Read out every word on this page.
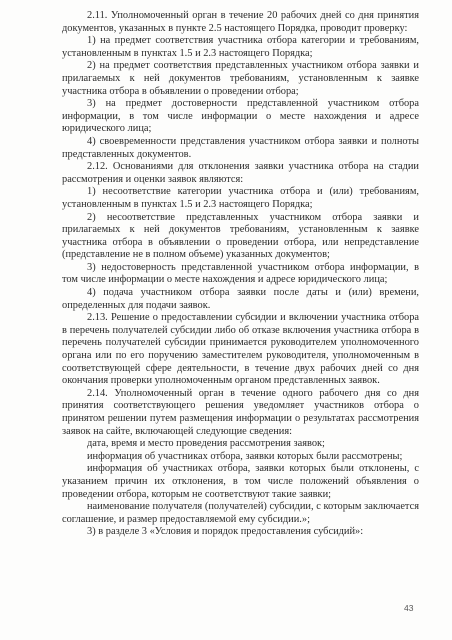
2.11. Уполномоченный орган в течение 20 рабочих дней со дня принятия документов, указанных в пункте 2.5 настоящего Порядка, проводит проверку:

1) на предмет соответствия участника отбора категории и требованиям, установленным в пунктах 1.5 и 2.3 настоящего Порядка;

2) на предмет соответствия представленных участником отбора заявки и прилагаемых к ней документов требованиям, установленным к заявке участника отбора в объявлении о проведении отбора;

3) на предмет достоверности представленной участником отбора информации, в том числе информации о месте нахождения и адресе юридического лица;

4) своевременности представления участником отбора заявки и полноты представленных документов.

2.12. Основаниями для отклонения заявки участника отбора на стадии рассмотрения и оценки заявок являются:

1) несоответствие категории участника отбора и (или) требованиям, установленным в пунктах 1.5 и 2.3 настоящего Порядка;

2) несоответствие представленных участником отбора заявки и прилагаемых к ней документов требованиям, установленным к заявке участника отбора в объявлении о проведении отбора, или непредставление (представление не в полном объеме) указанных документов;

3) недостоверность представленной участником отбора информации, в том числе информации о месте нахождения и адресе юридического лица;

4) подача участником отбора заявки после даты и (или) времени, определенных для подачи заявок.

2.13. Решение о предоставлении субсидии и включении участника отбора в перечень получателей субсидии либо об отказе включения участника отбора в перечень получателей субсидии принимается руководителем уполномоченного органа или по его поручению заместителем руководителя, уполномоченным в соответствующей сфере деятельности, в течение двух рабочих дней со дня окончания проверки уполномоченным органом представленных заявок.

2.14. Уполномоченный орган в течение одного рабочего дня со дня принятия соответствующего решения уведомляет участников отбора о принятом решении путем размещения информации о результатах рассмотрения заявок на сайте, включающей следующие сведения:

дата, время и место проведения рассмотрения заявок;

информация об участниках отбора, заявки которых были рассмотрены;

информация об участниках отбора, заявки которых были отклонены, с указанием причин их отклонения, в том числе положений объявления о проведении отбора, которым не соответствуют такие заявки;

наименование получателя (получателей) субсидии, с которым заключается соглашение, и размер предоставляемой ему субсидии.»;

3) в разделе 3 «Условия и порядок предоставления субсидий»:

43
